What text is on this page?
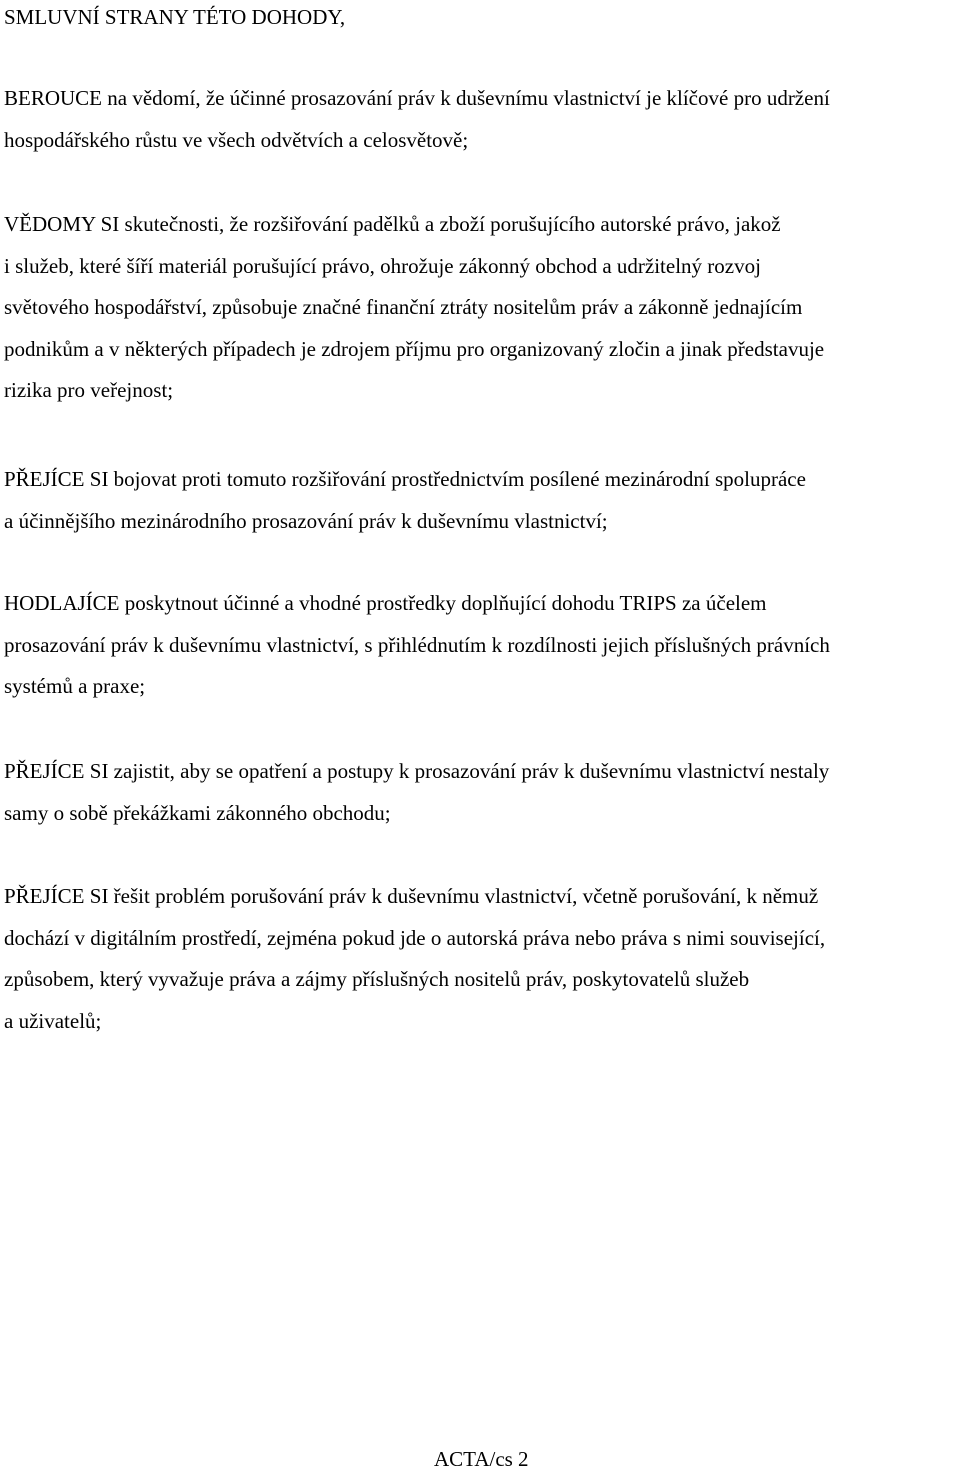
SMLUVNÍ STRANY TÉTO DOHODY,

BEROUCE na vědomí, že účinné prosazování práv k duševnímu vlastnictví je klíčové pro udržení
hospodářského růstu ve všech odvětvích a celosvětově;

VĚDOMY SI skutečnosti, že rozšiřování padělků a zboží porušujícího autorské právo, jakož
i služeb, které šíří materiál porušující právo, ohrožuje zákonný obchod a udržitelný rozvoj
světového hospodářství, způsobuje značné finanční ztráty nositelům práv a zákonně jednajícím
podnikům a v některých případech je zdrojem příjmu pro organizovaný zločin a jinak představuje
rizika pro veřejnost;

PŘEJÍCE SI bojovat proti tomuto rozšiřování prostřednictvím posílené mezinárodní spolupráce
a účinnějšího mezinárodního prosazování práv k duševnímu vlastnictví;

HODLAJÍCE poskytnout účinné a vhodné prostředky doplňující dohodu TRIPS za účelem
prosazování práv k duševnímu vlastnictví, s přihlédnutím k rozdílnosti jejich příslušných právních
systémů a praxe;

PŘEJÍCE SI zajistit, aby se opatření a postupy k prosazování práv k duševnímu vlastnictví nestaly
samy o sobě překážkami zákonného obchodu;

PŘEJÍCE SI řešit problém porušování práv k duševnímu vlastnictví, včetně porušování, k němuž
dochází v digitálním prostředí, zejména pokud jde o autorská práva nebo práva s nimi související,
způsobem, který vyvažuje práva a zájmy příslušných nositelů práv, poskytovatelů služeb
a uživatelů;

ACTA/cs 2
